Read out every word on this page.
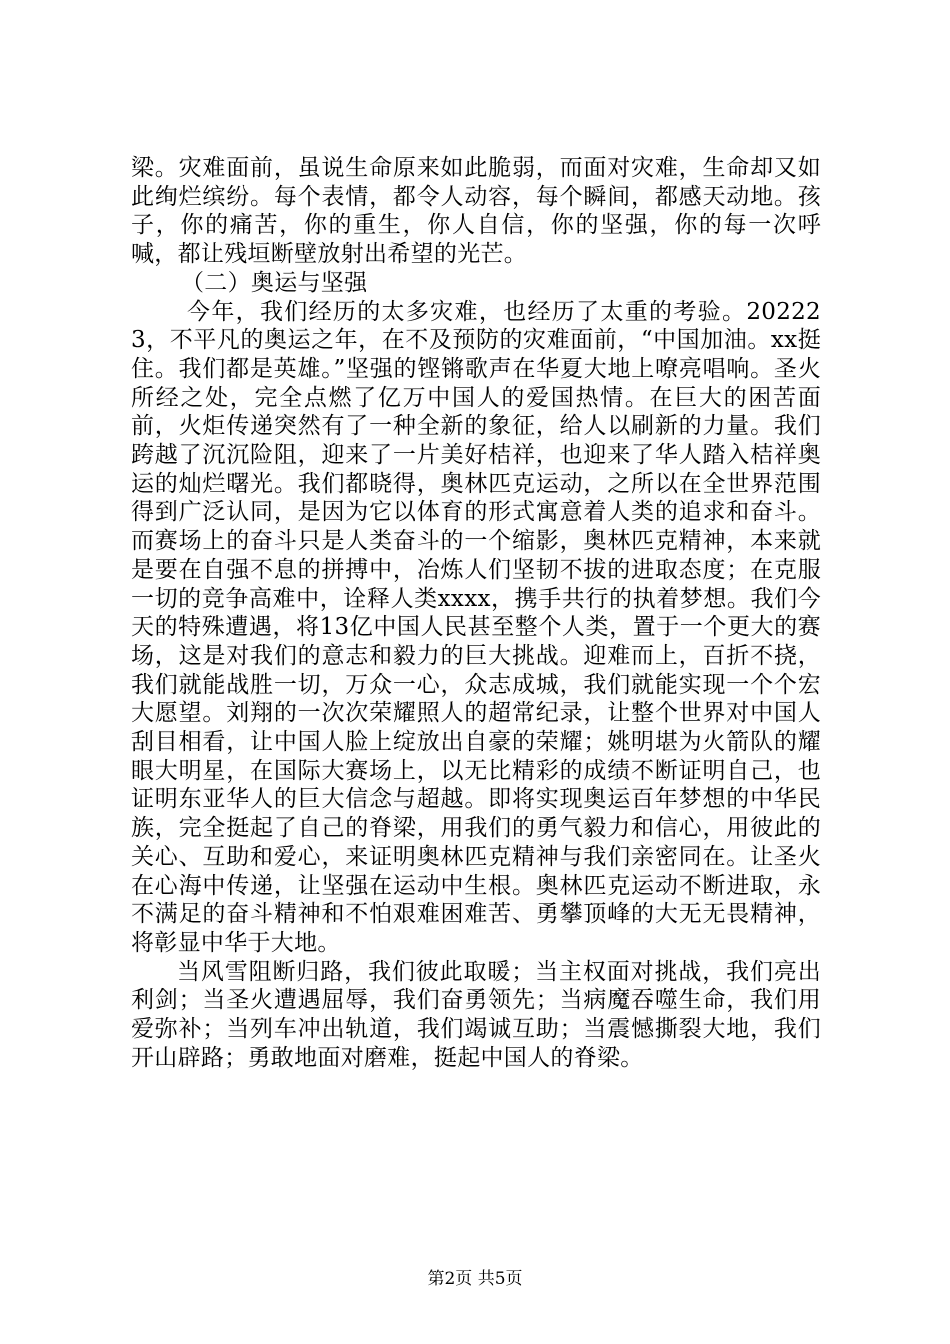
梁。灾难面前，虽说生命原来如此脆弱，而面对灾难，生命却又如此绚烂缤纷。每个表情，都令人动容，每个瞬间，都感天动地。孩子，你的痛苦，你的重生，你人自信，你的坚强，你的每一次呼喊，都让残垣断壁放射出希望的光芒。

（二）奥运与坚强

今年，我们经历的太多灾难，也经历了太重的考验。202223，不平凡的奥运之年，在不及预防的灾难面前，“中国加油。xx挺住。我们都是英雄。”坚强的铿锵歌声在华夏大地上嘹亮唱响。圣火所经之处，完全点燃了亿万中国人的爱国热情。在巨大的困苦面前，火炬传递突然有了一种全新的象征，给人以刷新的力量。我们跨越了沉沉险阻，迎来了一片美好桔祥，也迎来了华人踏入桔祥奥运的灿烂曙光。我们都晓得，奥林匹克运动，之所以在全世界范围得到广泛认同，是因为它以体育的形式寓意着人类的追求和奋斗。而赛场上的奋斗只是人类奋斗的一个缩影，奥林匹克精神，本来就是要在自强不息的拼搏中，冶炼人们坚韧不拔的进取态度；在克服一切的竞争高难中，诠释人类xxxx，携手共行的执着梦想。我们今天的特殊遭遇，将13亿中国人民甚至整个人类，置于一个更大的赛场，这是对我们的意志和毅力的巨大挑战。迎难而上，百折不挠，我们就能战胜一切，万众一心，众志成城，我们就能实现一个个宏大愿望。刘翔的一次次荣耀照人的超常纪录，让整个世界对中国人刮目相看，让中国人脸上绽放出自豪的荣耀；姚明堪为火箭队的耀眼大明星，在国际大赛场上，以无比精彩的成绩不断证明自己，也证明东亚华人的巨大信念与超越。即将实现奥运百年梦想的中华民族，完全挺起了自己的脊梁，用我们的勇气毅力和信心，用彼此的关心、互助和爱心，来证明奥林匹克精神与我们亲密同在。让圣火在心海中传递，让坚强在运动中生根。奥林匹克运动不断进取，永不满足的奋斗精神和不怕艰难困难苦、勇攀顶峰的大无无畏精神，将彰显中华于大地。

当风雪阻断归路，我们彼此取暖；当主权面对挑战，我们亮出利剑；当圣火遭遇屈辱，我们奋勇领先；当病魔吞噬生命，我们用爱弥补；当列车冲出轨道，我们竭诚互助；当震憾撕裂大地，我们开山辟路；勇敢地面对磨难，挺起中国人的脊梁。

第2页 共5页
